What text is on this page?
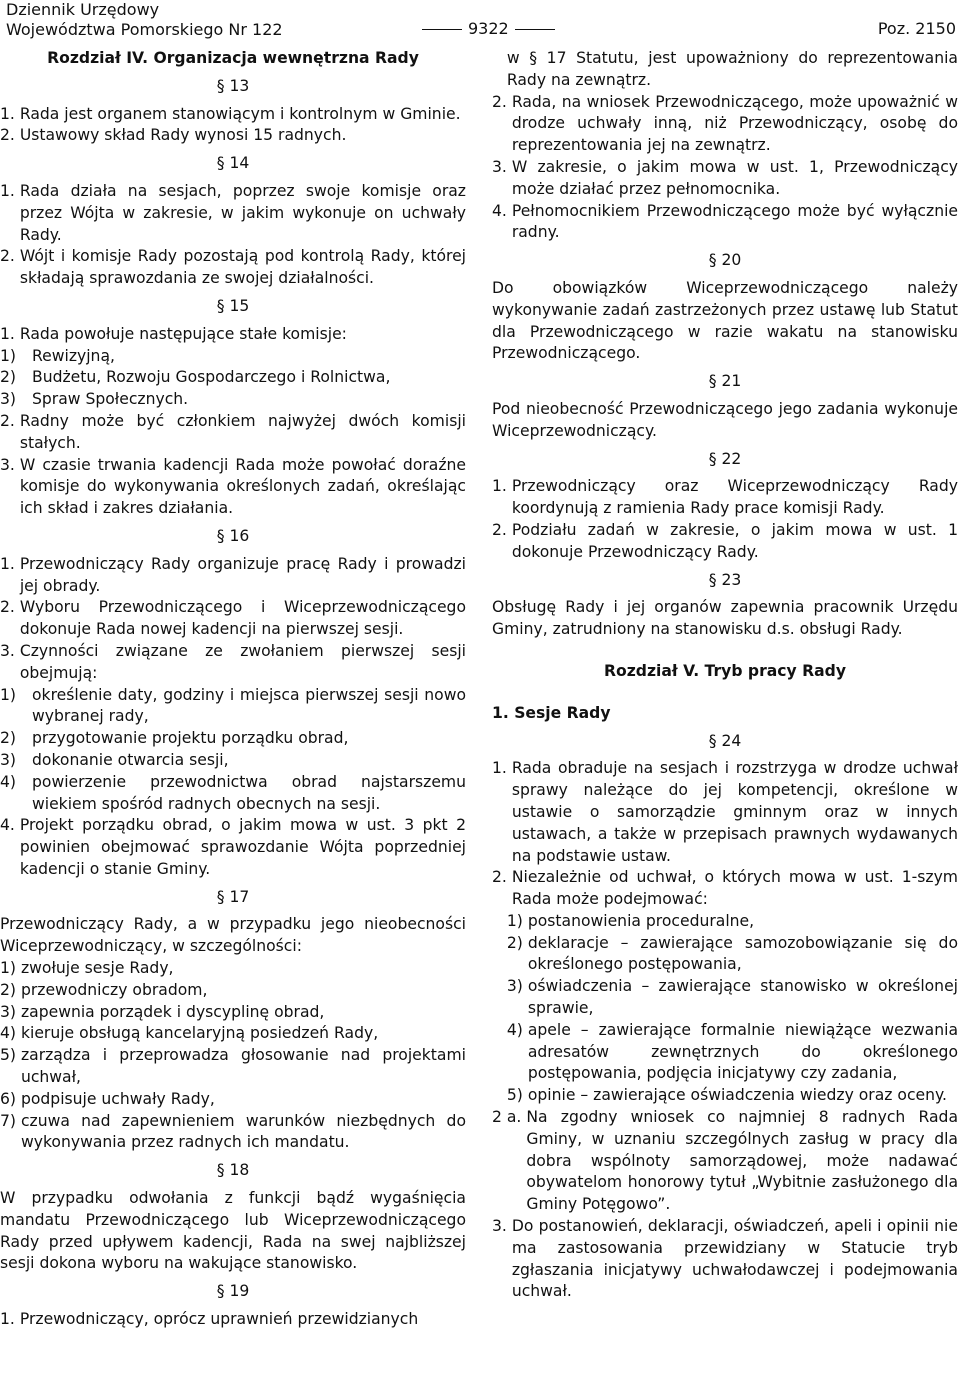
Dziennik Urzędowy
Województwa Pomorskiego Nr 122	9322	Poz. 2150

Rozdział IV. Organizacja wewnętrzna Rady

§ 13
1. Rada jest organem stanowiącym i kontrolnym w Gminie.
2. Ustawowy skład Rady wynosi 15 radnych.
§ 14
1. Rada działa na sesjach, poprzez swoje komisje oraz przez Wójta w zakresie, w jakim wykonuje on uchwały Rady.
2. Wójt i komisje Rady pozostają pod kontrolą Rady, której składają sprawozdania ze swojej działalności.
§ 15
1. Rada powołuje następujące stałe komisje:
1)	Rewizyjną,
2)	Budżetu, Rozwoju Gospodarczego i Rolnictwa,
3)	Spraw Społecznych.
2. Radny może być członkiem najwyżej dwóch komisji stałych.
3. W czasie trwania kadencji Rada może powołać doraźne komisje do wykonywania określonych zadań, określając ich skład i zakres działania.
§ 16
1. Przewodniczący Rady organizuje pracę Rady i prowadzi jej obrady.
2. Wyboru Przewodniczącego i Wiceprzewodniczącego dokonuje Rada nowej kadencji na pierwszej sesji.
3. Czynności związane ze zwołaniem pierwszej sesji obejmują:
1)	określenie daty, godziny i miejsca pierwszej sesji nowo wybranej rady,
2)	przygotowanie projektu porządku obrad,
3)	dokonanie otwarcia sesji,
4)	powierzenie przewodnictwa obrad najstarszemu wiekiem spośród radnych obecnych na sesji.
4. Projekt porządku obrad, o jakim mowa w ust. 3 pkt 2 powinien obejmować sprawozdanie Wójta poprzedniej kadencji o stanie Gminy.
§ 17

Przewodniczący Rady, a w przypadku jego nieobecności Wiceprzewodniczący, w szczególności:

1) zwołuje sesje Rady,
2) przewodniczy obradom,
3) zapewnia porządek i dyscyplinę obrad,
4) kieruje obsługą kancelaryjną posiedzeń Rady,
5) zarządza i przeprowadza głosowanie nad projektami uchwał,
6) podpisuje uchwały Rady,
7) czuwa nad zapewnieniem warunków niezbędnych do wykonywania przez radnych ich mandatu.
§ 18

W przypadku odwołania z funkcji bądź wygaśnięcia mandatu Przewodniczącego lub Wiceprzewodniczącego Rady przed upływem kadencji, Rada na swej najbliższej sesji dokona wyboru na wakujące stanowisko.

§ 19
1. Przewodniczący, oprócz uprawnień przewidzianych

w § 17 Statutu, jest upoważniony do reprezentowania Rady na zewnątrz.
2. Rada, na wniosek Przewodniczącego, może upoważnić w drodze uchwały inną, niż Przewodniczący, osobę do reprezentowania jej na zewnątrz.
3. W zakresie, o jakim mowa w ust. 1, Przewodniczący może działać przez pełnomocnika.
4. Pełnomocnikiem Przewodniczącego może być wyłącznie radny.
§ 20

Do obowiązków Wiceprzewodniczącego należy wykonywanie zadań zastrzeżonych przez ustawę lub Statut dla Przewodniczącego w razie wakatu na stanowisku Przewodniczącego.

§ 21

Pod nieobecność Przewodniczącego jego zadania wykonuje Wiceprzewodniczący.

§ 22
1. Przewodniczący oraz Wiceprzewodniczący Rady koordynują z ramienia Rady prace komisji Rady.
2. Podziału zadań w zakresie, o jakim mowa w ust. 1 dokonuje Przewodniczący Rady.
§ 23

Obsługę Rady i jej organów zapewnia pracownik Urzędu Gminy, zatrudniony na stanowisku d.s. obsługi Rady.

Rozdział V. Tryb pracy Rady

1. Sesje Rady

§ 24
1. Rada obraduje na sesjach i rozstrzyga w drodze uchwał sprawy należące do jej kompetencji, określone w ustawie o samorządzie gminnym oraz w innych ustawach, a także w przepisach prawnych wydawanych na podstawie ustaw.
2. Niezależnie od uchwał, o których mowa w ust. 1-szym Rada może podejmować:
1) postanowienia proceduralne,
2) deklaracje – zawierające samozobowiązanie się do określonego postępowania,
3) oświadczenia – zawierające stanowisko w określonej sprawie,
4) apele – zawierające formalnie niewiążące wezwania adresatów zewnętrznych do określonego postępowania, podjęcia inicjatywy czy zadania,
5) opinie – zawierające oświadczenia wiedzy oraz oceny.
2 a. Na zgodny wniosek co najmniej 8 radnych Rada Gminy, w uznaniu szczególnych zasług w pracy dla dobra wspólnoty samorządowej, może nadawać obywatelom honorowy tytuł „Wybitnie zasłużonego dla Gminy Potęgowo”.
3. Do postanowień, deklaracji, oświadczeń, apeli i opinii nie ma zastosowania przewidziany w Statucie tryb zgłaszania inicjatywy uchwałodawczej i podejmowania uchwał.
